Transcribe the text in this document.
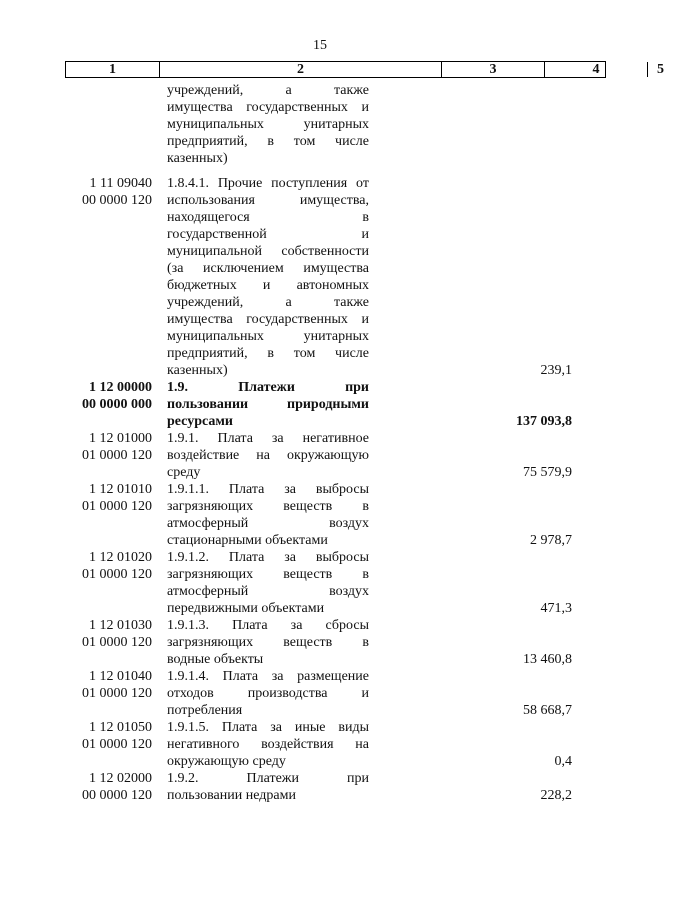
15
1	2	3	4	5
учреждений, а также
имущества государственных и
муниципальных унитарных
предприятий, в том числе
казенных)
1 11 09040
00 0000 120
1.8.4.1. Прочие поступления от
использования имущества,
находящегося в
государственной и
муниципальной собственности
(за исключением имущества
бюджетных и автономных
учреждений, а также
имущества государственных и
муниципальных унитарных
предприятий, в том числе
казенных)	239,1
1 12 00000
00 0000 000
1.9. Платежи при
пользовании природными
ресурсами	137 093,8
1 12 01000
01 0000 120
1.9.1. Плата за негативное
воздействие на окружающую
среду	75 579,9
1 12 01010
01 0000 120
1.9.1.1. Плата за выбросы
загрязняющих веществ в
атмосферный воздух
стационарными объектами	2 978,7
1 12 01020
01 0000 120
1.9.1.2. Плата за выбросы
загрязняющих веществ в
атмосферный воздух
передвижными объектами	471,3
1 12 01030
01 0000 120
1.9.1.3. Плата за сбросы
загрязняющих веществ в
водные объекты	13 460,8
1 12 01040
01 0000 120
1.9.1.4. Плата за размещение
отходов производства и
потребления	58 668,7
1 12 01050
01 0000 120
1.9.1.5. Плата за иные виды
негативного воздействия на
окружающую среду	0,4
1 12 02000
00 0000 120
1.9.2. Платежи при
пользовании недрами	228,2
